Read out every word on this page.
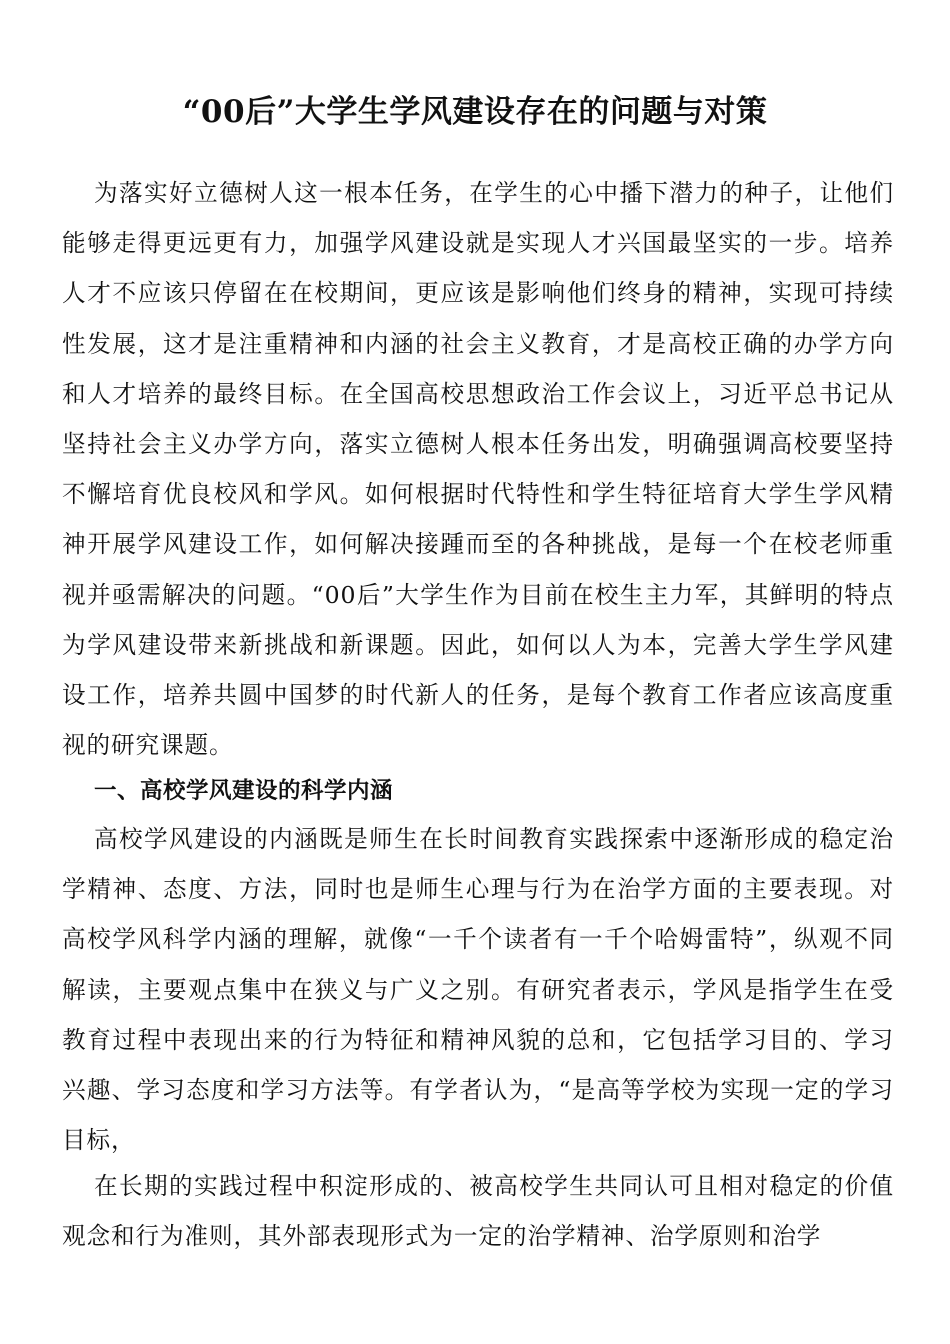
“00后”大学生学风建设存在的问题与对策

为落实好立德树人这一根本任务，在学生的心中播下潜力的种子，让他们能够走得更远更有力，加强学风建设就是实现人才兴国最坚实的一步。培养人才不应该只停留在在校期间，更应该是影响他们终身的精神，实现可持续性发展，这才是注重精神和内涵的社会主义教育，才是高校正确的办学方向和人才培养的最终目标。在全国高校思想政治工作会议上，习近平总书记从坚持社会主义办学方向，落实立德树人根本任务出发，明确强调高校要坚持不懈培育优良校风和学风。如何根据时代特性和学生特征培育大学生学风精神开展学风建设工作，如何解决接踵而至的各种挑战，是每一个在校老师重视并亟需解决的问题。“00后”大学生作为目前在校生主力军，其鲜明的特点为学风建设带来新挑战和新课题。因此，如何以人为本，完善大学生学风建设工作，培养共圆中国梦的时代新人的任务，是每个教育工作者应该高度重视的研究课题。

一、高校学风建设的科学内涵

高校学风建设的内涵既是师生在长时间教育实践探索中逐渐形成的稳定治学精神、态度、方法，同时也是师生心理与行为在治学方面的主要表现。对高校学风科学内涵的理解，就像“一千个读者有一千个哈姆雷特”，纵观不同解读，主要观点集中在狭义与广义之别。有研究者表示，学风是指学生在受教育过程中表现出来的行为特征和精神风貌的总和，它包括学习目的、学习兴趣、学习态度和学习方法等。有学者认为，“是高等学校为实现一定的学习目标，

在长期的实践过程中积淀形成的、被高校学生共同认可且相对稳定的价值观念和行为准则，其外部表现形式为一定的治学精神、治学原则和治学
